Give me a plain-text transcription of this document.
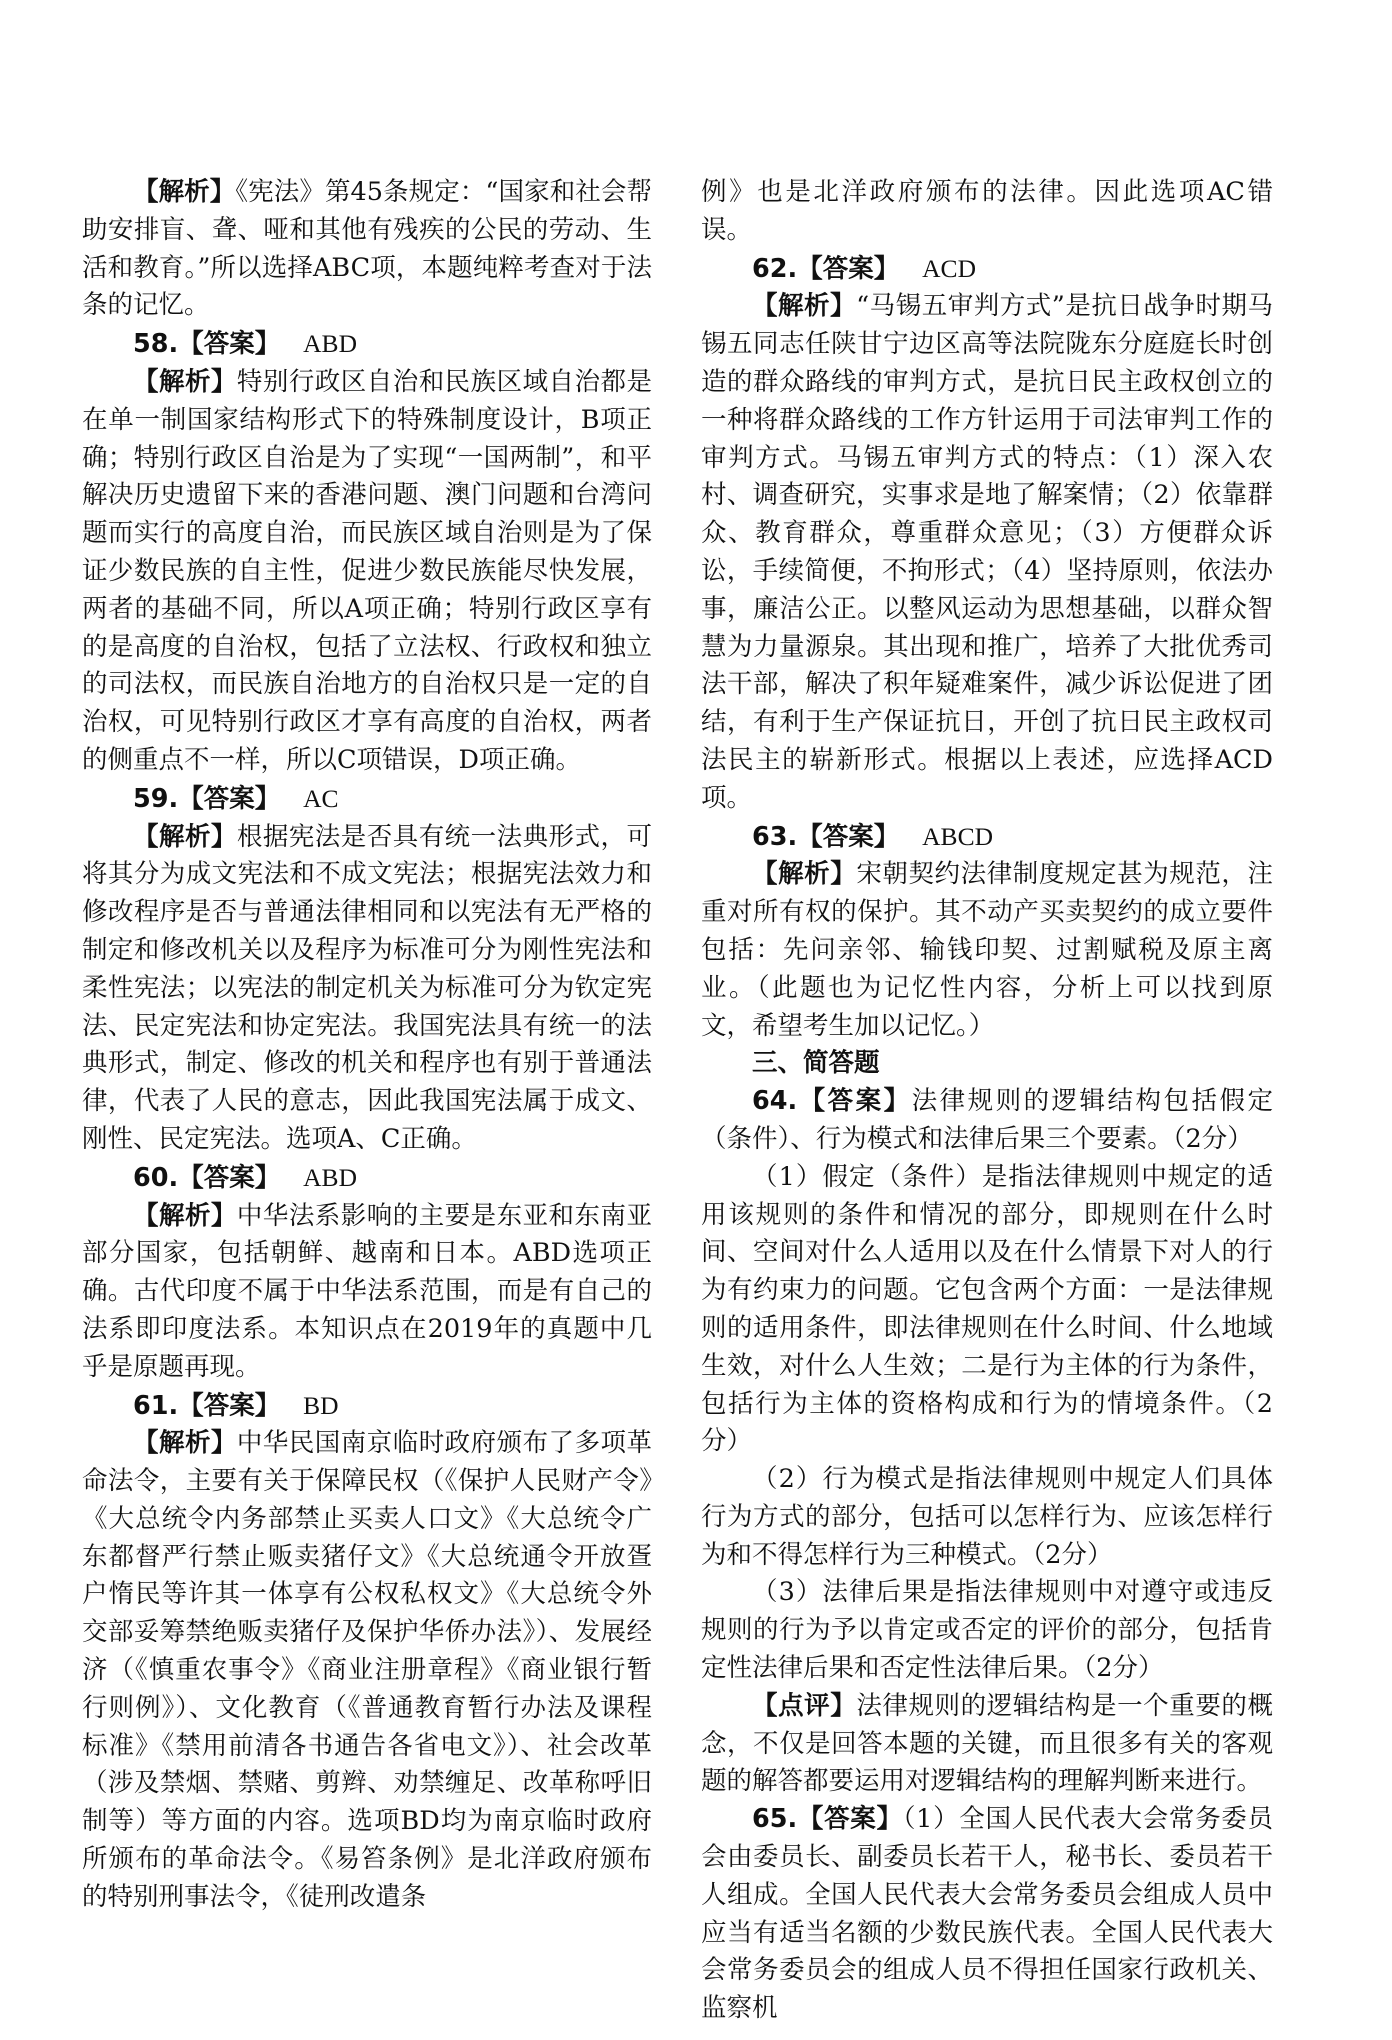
【解析】《宪法》第45条规定：“国家和社会帮助安排盲、聋、哑和其他有残疾的公民的劳动、生活和教育。”所以选择ABC项，本题纯粹考查对于法条的记忆。

58.【答案】 ABD

【解析】特别行政区自治和民族区域自治都是在单一制国家结构形式下的特殊制度设计，B项正确；特别行政区自治是为了实现“一国两制”，和平解决历史遗留下来的香港问题、澳门问题和台湾问题而实行的高度自治，而民族区域自治则是为了保证少数民族的自主性，促进少数民族能尽快发展，两者的基础不同，所以A项正确；特别行政区享有的是高度的自治权，包括了立法权、行政权和独立的司法权，而民族自治地方的自治权只是一定的自治权，可见特别行政区才享有高度的自治权，两者的侧重点不一样，所以C项错误，D项正确。

59.【答案】 AC

【解析】根据宪法是否具有统一法典形式，可将其分为成文宪法和不成文宪法；根据宪法效力和修改程序是否与普通法律相同和以宪法有无严格的制定和修改机关以及程序为标准可分为刚性宪法和柔性宪法；以宪法的制定机关为标准可分为钦定宪法、民定宪法和协定宪法。我国宪法具有统一的法典形式，制定、修改的机关和程序也有别于普通法律，代表了人民的意志，因此我国宪法属于成文、刚性、民定宪法。选项A、C正确。

60.【答案】 ABD

【解析】中华法系影响的主要是东亚和东南亚部分国家，包括朝鲜、越南和日本。ABD选项正确。古代印度不属于中华法系范围，而是有自己的法系即印度法系。本知识点在2019年的真题中几乎是原题再现。

61.【答案】 BD

【解析】中华民国南京临时政府颁布了多项革命法令，主要有关于保障民权（《保护人民财产令》《大总统令内务部禁止买卖人口文》《大总统令广东都督严行禁止贩卖猪仔文》《大总统通令开放疍户惰民等许其一体享有公权私权文》《大总统令外交部妥筹禁绝贩卖猪仔及保护华侨办法》）、发展经济（《慎重农事令》《商业注册章程》《商业银行暂行则例》）、文化教育（《普通教育暂行办法及课程标准》《禁用前清各书通告各省电文》）、社会改革（涉及禁烟、禁赌、剪辫、劝禁缠足、改革称呼旧制等）等方面的内容。选项BD均为南京临时政府所颁布的革命法令。《易笞条例》是北洋政府颁布的特别刑事法令，《徒刑改遣条

例》也是北洋政府颁布的法律。因此选项AC错误。

62.【答案】 ACD

【解析】“马锡五审判方式”是抗日战争时期马锡五同志任陕甘宁边区高等法院陇东分庭庭长时创造的群众路线的审判方式，是抗日民主政权创立的一种将群众路线的工作方针运用于司法审判工作的审判方式。马锡五审判方式的特点：（1）深入农村、调查研究，实事求是地了解案情；（2）依靠群众、教育群众，尊重群众意见；（3）方便群众诉讼，手续简便，不拘形式；（4）坚持原则，依法办事，廉洁公正。以整风运动为思想基础，以群众智慧为力量源泉。其出现和推广，培养了大批优秀司法干部，解决了积年疑难案件，减少诉讼促进了团结，有利于生产保证抗日，开创了抗日民主政权司法民主的崭新形式。根据以上表述，应选择ACD项。

63.【答案】 ABCD

【解析】宋朝契约法律制度规定甚为规范，注重对所有权的保护。其不动产买卖契约的成立要件包括：先问亲邻、输钱印契、过割赋税及原主离业。（此题也为记忆性内容，分析上可以找到原文，希望考生加以记忆。）

三、简答题

64.【答案】法律规则的逻辑结构包括假定（条件）、行为模式和法律后果三个要素。（2分）

（1）假定（条件）是指法律规则中规定的适用该规则的条件和情况的部分，即规则在什么时间、空间对什么人适用以及在什么情景下对人的行为有约束力的问题。它包含两个方面：一是法律规则的适用条件，即法律规则在什么时间、什么地域生效，对什么人生效；二是行为主体的行为条件，包括行为主体的资格构成和行为的情境条件。（2分）

（2）行为模式是指法律规则中规定人们具体行为方式的部分，包括可以怎样行为、应该怎样行为和不得怎样行为三种模式。（2分）

（3）法律后果是指法律规则中对遵守或违反规则的行为予以肯定或否定的评价的部分，包括肯定性法律后果和否定性法律后果。（2分）

【点评】法律规则的逻辑结构是一个重要的概念，不仅是回答本题的关键，而且很多有关的客观题的解答都要运用对逻辑结构的理解判断来进行。

65.【答案】（1）全国人民代表大会常务委员会由委员长、副委员长若干人，秘书长、委员若干人组成。全国人民代表大会常务委员会组成人员中应当有适当名额的少数民族代表。全国人民代表大会常务委员会的组成人员不得担任国家行政机关、监察机
